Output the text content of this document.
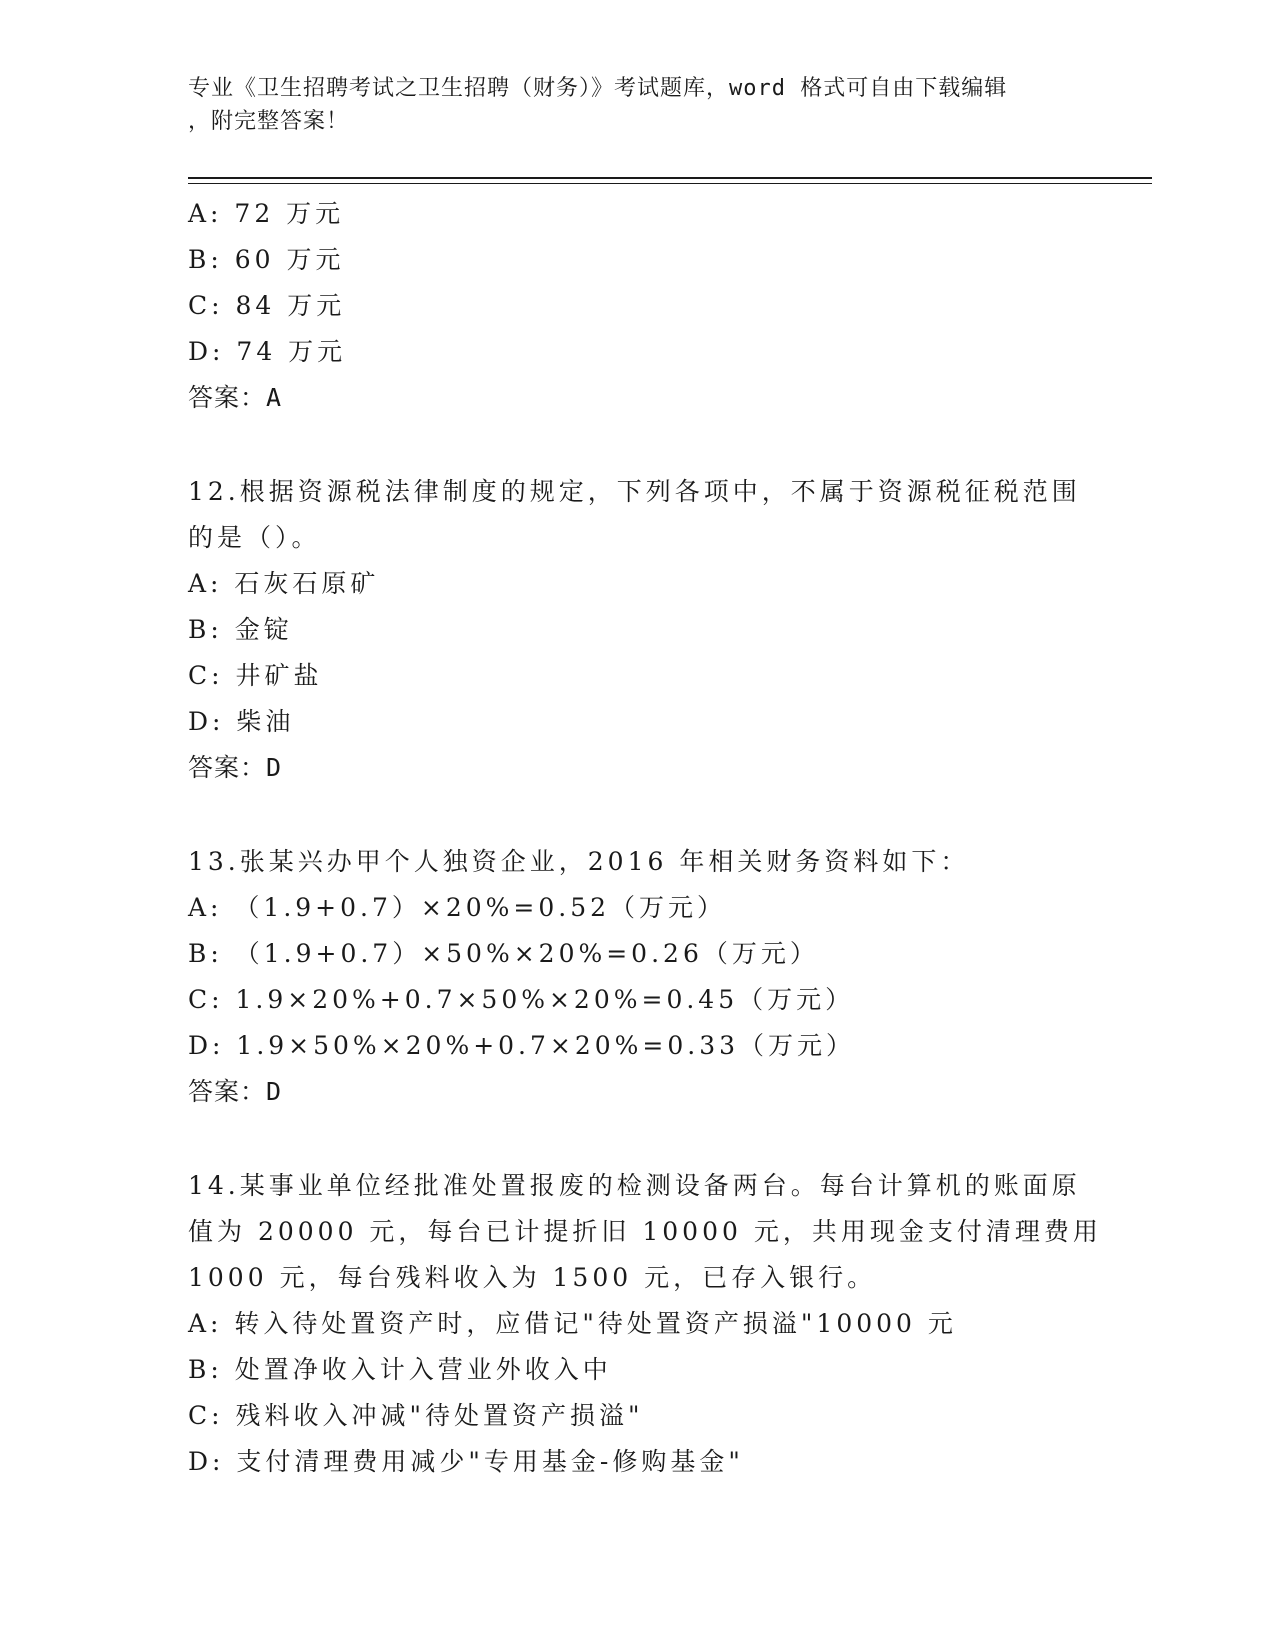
专业《卫生招聘考试之卫生招聘（财务）》考试题库，word 格式可自由下载编辑
，附完整答案！
A: 72 万元
B: 60 万元
C: 84 万元
D: 74 万元
答案：A
12.根据资源税法律制度的规定，下列各项中，不属于资源税征税范围
的是（）。
A: 石灰石原矿
B: 金锭
C: 井矿盐
D: 柴油
答案：D
13.张某兴办甲个人独资企业，2016 年相关财务资料如下：
A: （1.9+0.7）×20%=0.52（万元）
B: （1.9+0.7）×50%×20%=0.26（万元）
C: 1.9×20%+0.7×50%×20%=0.45（万元）
D: 1.9×50%×20%+0.7×20%=0.33（万元）
答案：D
14.某事业单位经批准处置报废的检测设备两台。每台计算机的账面原
值为 20000 元，每台已计提折旧 10000 元，共用现金支付清理费用
1000 元，每台残料收入为 1500 元，已存入银行。
A: 转入待处置资产时，应借记"待处置资产损溢"10000 元
B: 处置净收入计入营业外收入中
C: 残料收入冲减"待处置资产损溢"
D: 支付清理费用减少"专用基金-修购基金"
